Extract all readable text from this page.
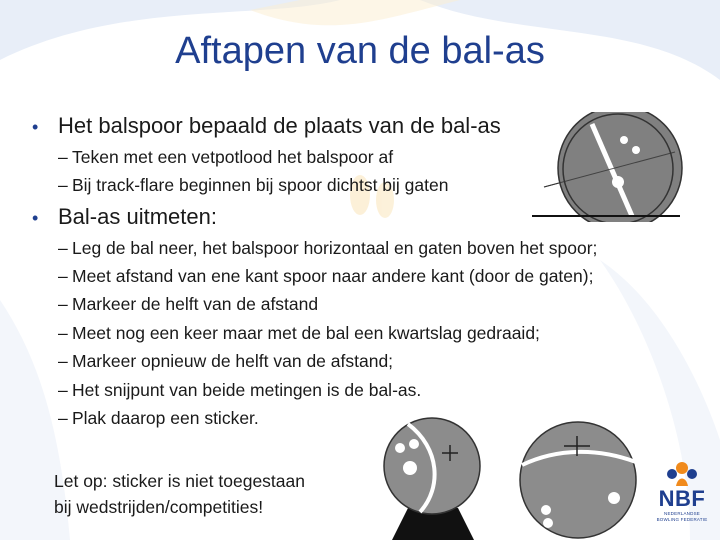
Aftapen van de bal-as
• Het balspoor bepaald de plaats van de bal-as
– Teken met een vetpotlood het balspoor af
– Bij track-flare beginnen bij spoor dichtst bij gaten
• Bal-as uitmeten:
– Leg de bal neer, het balspoor horizontaal en gaten boven het spoor;
– Meet afstand van ene kant spoor naar andere kant (door de gaten);
– Markeer de helft van de afstand
– Meet nog een keer maar met de bal een kwartslag gedraaid;
– Markeer opnieuw de helft van de afstand;
– Het snijpunt van beide metingen is de bal-as.
– Plak daarop een sticker.
Let op: sticker is niet toegestaan
bij wedstrijden/competities!	NBF
NEDERLANDSE
BOWLING FEDERATIE
